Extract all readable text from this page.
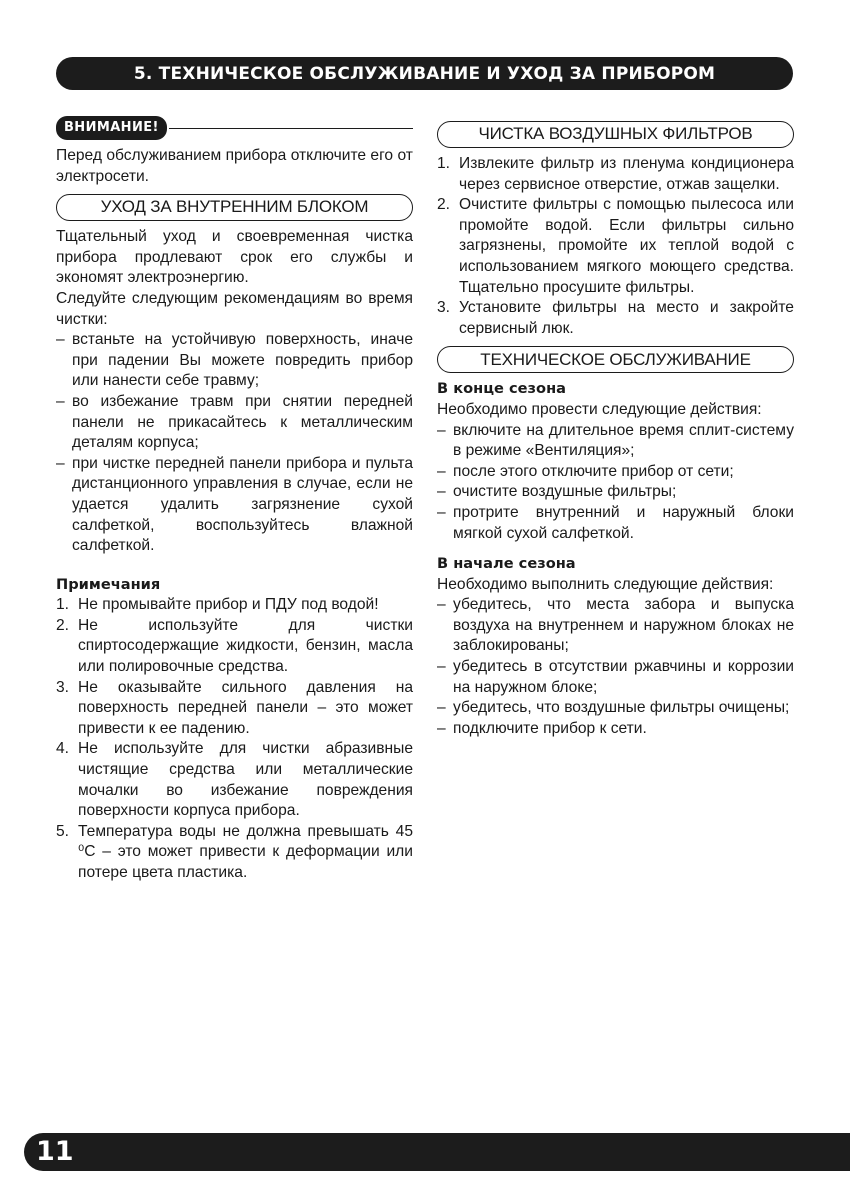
5. ТЕХНИЧЕСКОЕ ОБСЛУЖИВАНИЕ И УХОД ЗА ПРИБОРОМ
ВНИМАНИЕ!

Перед обслуживанием прибора отключите его от электросети.

УХОД ЗА ВНУТРЕННИМ БЛОКОМ

Тщательный уход и своевременная чистка прибора продлевают срок его службы и экономят электроэнергию.

Следуйте следующим рекомендациям во время чистки:

– встаньте на устойчивую поверхность, иначе при падении Вы можете повредить прибор или нанести себе травму;

– во избежание травм при снятии передней панели не прикасайтесь к металлическим деталям корпуса;

– при чистке передней панели прибора и пульта дистанционного управления в случае, если не удается удалить загрязнение сухой салфеткой, воспользуйтесь влажной салфеткой.

Примечания

1. Не промывайте прибор и ПДУ под водой!
2. Не используйте для чистки спиртосодержащие жидкости, бензин, масла или полировочные средства.
3. Не оказывайте сильного давления на поверхность передней панели – это может привести к ее падению.
4. Не используйте для чистки абразивные чистящие средства или металлические мочалки во избежание повреждения поверхности корпуса прибора.
5. Температура воды не должна превышать 45 ⁰С – это может привести к деформации или потере цвета пластика.
ЧИСТКА ВОЗДУШНЫХ ФИЛЬТРОВ
1. Извлеките фильтр из пленума кондиционера через сервисное отверстие, отжав защелки.
2. Очистите фильтры с помощью пылесоса или промойте водой. Если фильтры сильно загрязнены, промойте их теплой водой с использованием мягкого моющего средства. Тщательно просушите фильтры.
3. Установите фильтры на место и закройте сервисный люк.
ТЕХНИЧЕСКОЕ ОБСЛУЖИВАНИЕ

В конце сезона

Необходимо провести следующие действия:

– включите на длительное время сплит-систему в режиме «Вентиляция»;

– после этого отключите прибор от сети;

– очистите воздушные фильтры;

– протрите внутренний и наружный блоки мягкой сухой салфеткой.

В начале сезона

Необходимо выполнить следующие действия:

– убедитесь, что места забора и выпуска воздуха на внутреннем и наружном блоках не заблокированы;

– убедитесь в отсутствии ржавчины и коррозии на наружном блоке;

– убедитесь, что воздушные фильтры очищены;

– подключите прибор к сети.

11
